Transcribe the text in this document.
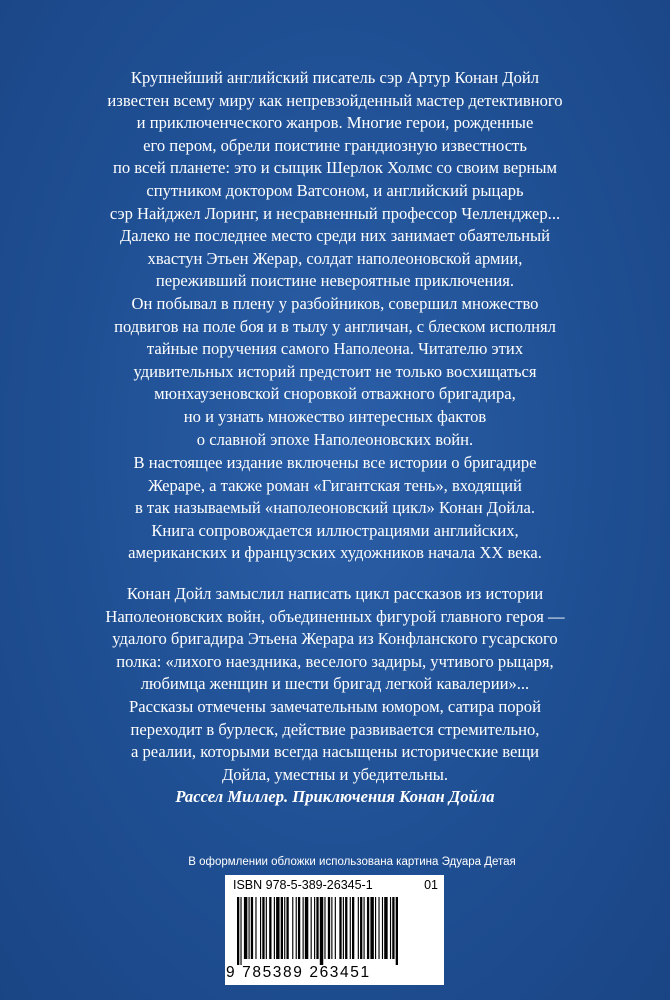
Крупнейший английский писатель сэр Артур Конан Дойл
известен всему миру как непревзойденный мастер детективного
и приключенческого жанров. Многие герои, рожденные
его пером, обрели поистине грандиозную известность
по всей планете: это и сыщик Шерлок Холмс со своим верным
спутником доктором Ватсоном, и английский рыцарь
сэр Найджел Лоринг, и несравненный профессор Челленджер...
Далеко не последнее место среди них занимает обаятельный
хвастун Этьен Жерар, солдат наполеоновской армии,
переживший поистине невероятные приключения.
Он побывал в плену у разбойников, совершил множество
подвигов на поле боя и в тылу у англичан, с блеском исполнял
тайные поручения самого Наполеона. Читателю этих
удивительных историй предстоит не только восхищаться
мюнхаузеновской сноровкой отважного бригадира,
но и узнать множество интересных фактов
о славной эпохе Наполеоновских войн.
В настоящее издание включены все истории о бригадире
Жераре, а также роман «Гигантская тень», входящий
в так называемый «наполеоновский цикл» Конан Дойла.
Книга сопровождается иллюстрациями английских,
американских и французских художников начала XX века.
Конан Дойл замыслил написать цикл рассказов из истории
Наполеоновских войн, объединенных фигурой главного героя —
удалого бригадира Этьена Жерара из Конфланского гусарского
полка: «лихого наездника, веселого задиры, учтивого рыцаря,
любимца женщин и шести бригад легкой кавалерии»...
Рассказы отмечены замечательным юмором, сатира порой
переходит в бурлеск, действие развивается стремительно,
а реалии, которыми всегда насыщены исторические вещи
Дойла, уместны и убедительны.
Рассел Миллер. Приключения Конан Дойла
В оформлении обложки использована картина Эдуара Детая
ISBN 978-5-389-26345-1	01
9 785389 263451
